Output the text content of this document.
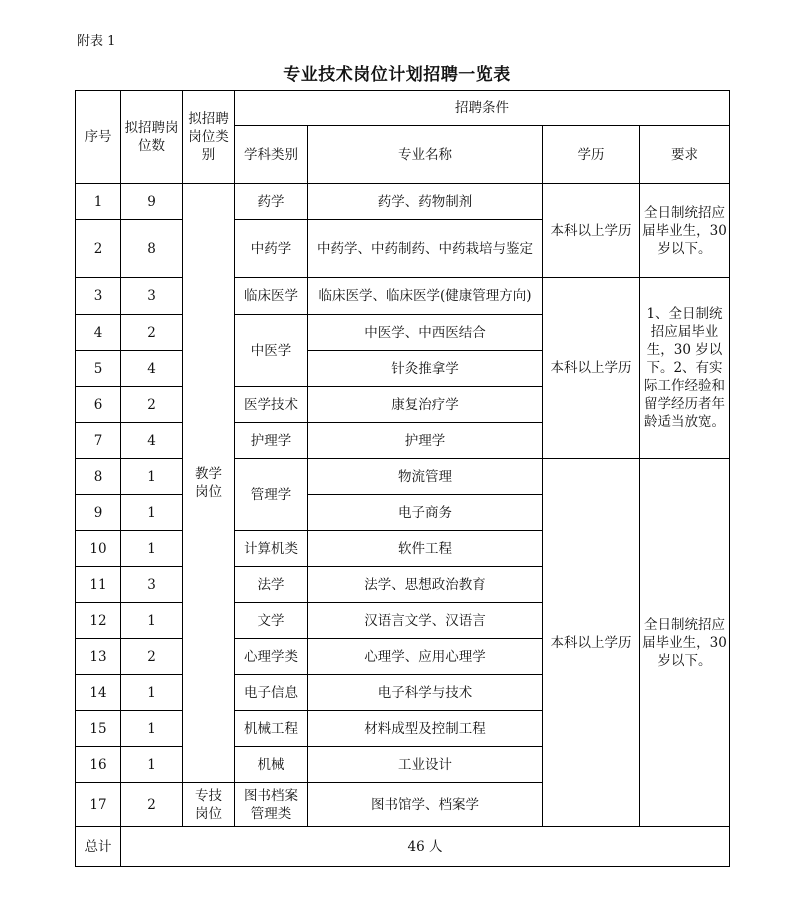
附表 1
专业技术岗位计划招聘一览表
序号	拟招聘岗位数	拟招聘岗位类别	招聘条件			
			学科类别	专业名称	学历	要求
1	9	教学岗位	药学	药学、药物制剂	本科以上学历	全日制统招应届毕业生，30 岁以下。
2	8		中药学	中药学、中药制药、中药栽培与鉴定		
3	3		临床医学	临床医学、临床医学(健康管理方向)	本科以上学历	1、全日制统招应届毕业生，30 岁以下。2、有实际工作经验和留学经历者年龄适当放宽。
4	2		中医学	中医学、中西医结合		
5	4			针灸推拿学		
6	2		医学技术	康复治疗学		
7	4		护理学	护理学		
8	1		管理学	物流管理	本科以上学历	全日制统招应届毕业生，30 岁以下。
9	1			电子商务		
10	1		计算机类	软件工程		
11	3		法学	法学、思想政治教育		
12	1		文学	汉语言文学、汉语言		
13	2		心理学类	心理学、应用心理学		
14	1		电子信息	电子科学与技术		
15	1		机械工程	材料成型及控制工程		
16	1		机械	工业设计		
17	2	专技岗位	图书档案管理类	图书馆学、档案学		
总计	46 人					
